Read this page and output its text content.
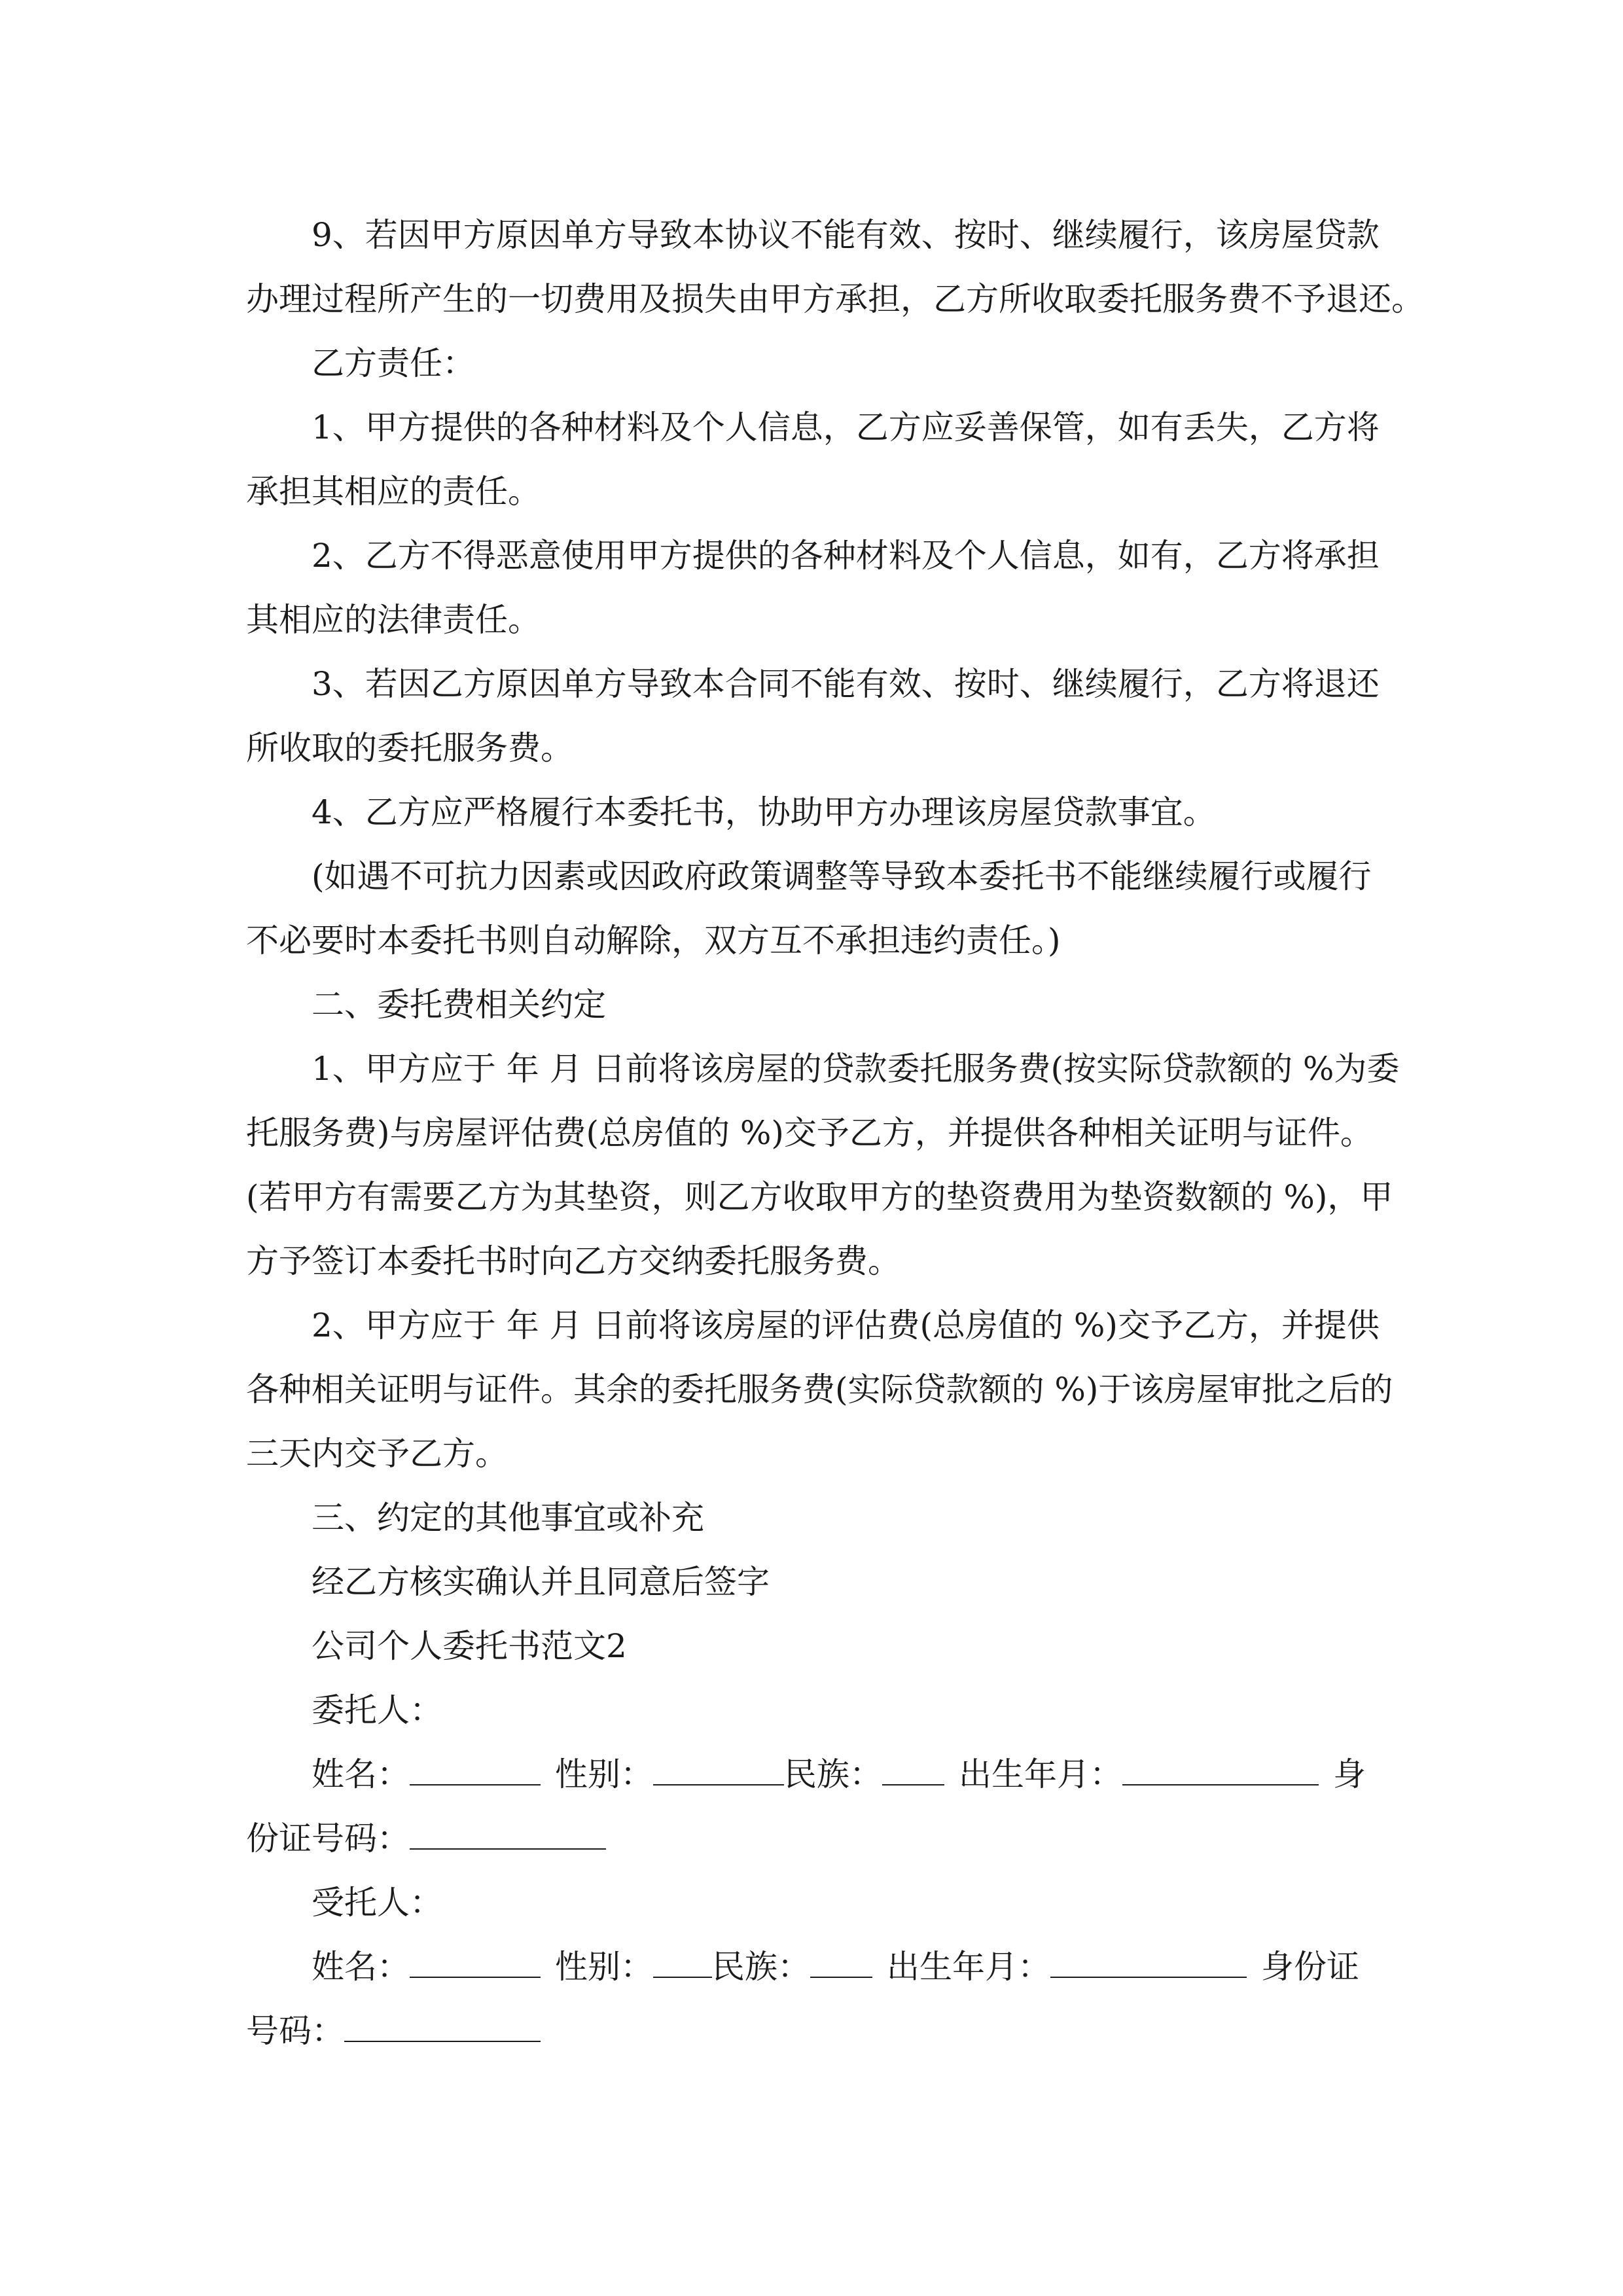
9、若因甲方原因单方导致本协议不能有效、按时、继续履行，该房屋贷款

办理过程所产生的一切费用及损失由甲方承担，乙方所收取委托服务费不予退还。

乙方责任：

1、甲方提供的各种材料及个人信息，乙方应妥善保管，如有丢失，乙方将

承担其相应的责任。

2、乙方不得恶意使用甲方提供的各种材料及个人信息，如有，乙方将承担

其相应的法律责任。

3、若因乙方原因单方导致本合同不能有效、按时、继续履行，乙方将退还

所收取的委托服务费。

4、乙方应严格履行本委托书，协助甲方办理该房屋贷款事宜。

(如遇不可抗力因素或因政府政策调整等导致本委托书不能继续履行或履行

不必要时本委托书则自动解除，双方互不承担违约责任。)

二、委托费相关约定

1、甲方应于 年 月 日前将该房屋的贷款委托服务费(按实际贷款额的 %为委

托服务费)与房屋评估费(总房值的 %)交予乙方，并提供各种相关证明与证件。

(若甲方有需要乙方为其垫资，则乙方收取甲方的垫资费用为垫资数额的 %)，甲

方予签订本委托书时向乙方交纳委托服务费。

2、甲方应于 年 月 日前将该房屋的评估费(总房值的 %)交予乙方，并提供

各种相关证明与证件。其余的委托服务费(实际贷款额的 %)于该房屋审批之后的

三天内交予乙方。

三、约定的其他事宜或补充

经乙方核实确认并且同意后签字

公司个人委托书范文2

委托人：

姓名：	性别：	民族： 出生年月：	身

份证号码：

受托人：

姓名：	性别： 民族： 出生年月：	身份证

号码：
